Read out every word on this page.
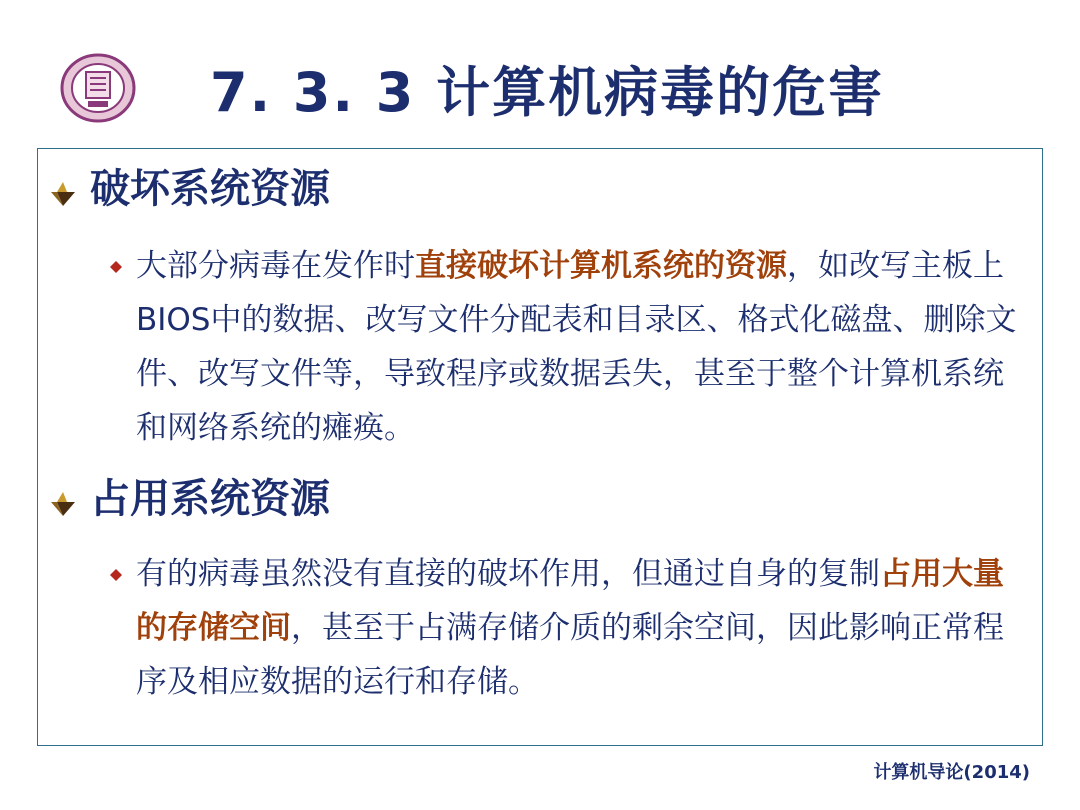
7. 3. 3 计算机病毒的危害
破坏系统资源
大部分病毒在发作时直接破坏计算机系统的资源，如改写主板上BIOS中的数据、改写文件分配表和目录区、格式化磁盘、删除文件、改写文件等，导致程序或数据丢失，甚至于整个计算机系统和网络系统的瘫痪。
占用系统资源
有的病毒虽然没有直接的破坏作用，但通过自身的复制占用大量的存储空间，甚至于占满存储介质的剩余空间，因此影响正常程序及相应数据的运行和存储。
计算机导论(2014)
